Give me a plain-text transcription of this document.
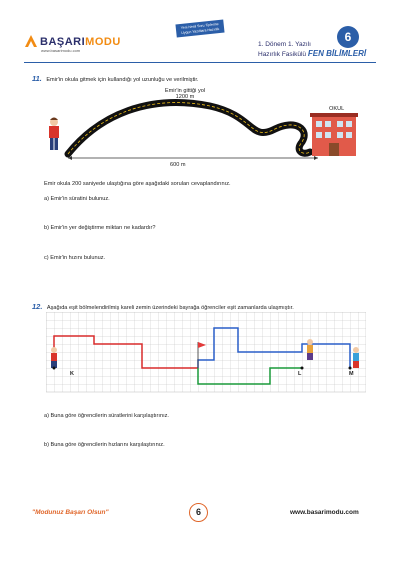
BAŞARIMODU
www.basarimodu.com
Yeni Nesil Soru Tiplerine Uygun Yazılılara Hazırlık
1. Dönem 1. Yazılı
Hazırlık Fasikülü FEN BİLİMLERİ
6
11. Emir'in okula gitmek için kullandığı yol uzunluğu ve verilmiştir.
Emir'in gittiği yol
1200 m
OKUL
600 m
Emir okula 200 saniyede ulaştığına göre aşağıdaki soruları cevaplandırınız.
a) Emir'in süratini bulunuz.
b) Emir'in yer değiştirme miktarı ne kadardır?
c) Emir'in hızını bulunuz.
12. Aşağıda eşit bölmelendirilmiş kareli zemin üzerindeki bayrağa öğrenciler eşit zamanlarda ulaşmıştır.
K	L	M
a) Buna göre öğrencilerin süratlerini karşılaştırınız.
b) Buna göre öğrencilerin hızlarını karşılaştırınız.
"Modunuz Başarı Olsun"	6	www.basarimodu.com
